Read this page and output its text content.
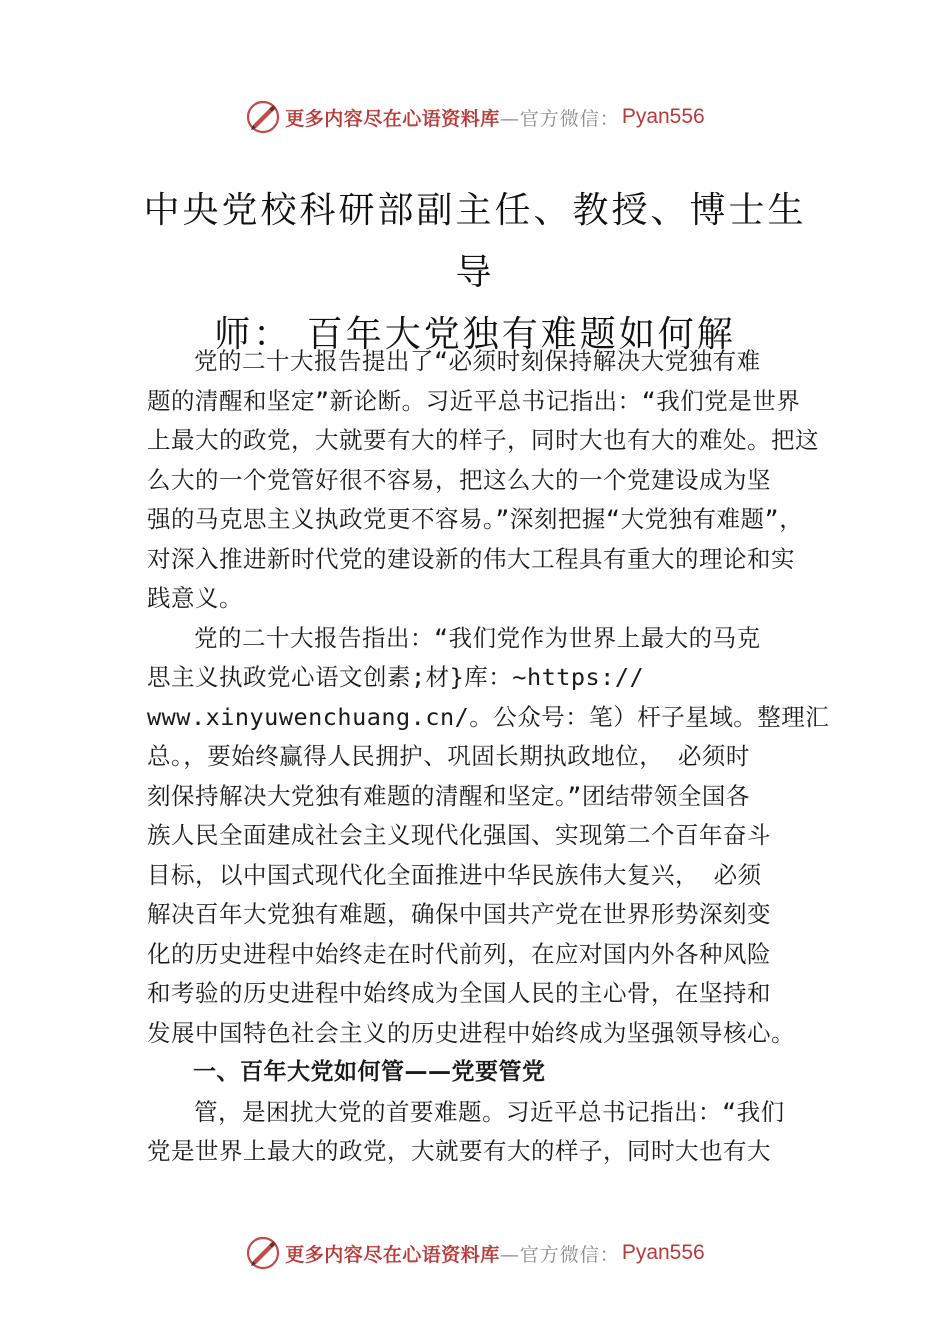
更多内容尽在心语资料库 —官方微信： Pyan556
中央党校科研部副主任、教授、博士生导
师： 百年大党独有难题如何解
党的二十大报告提出了“必须时刻保持解决大党独有难
题的清醒和坚定”新论断。习近平总书记指出：“我们党是世界
上最大的政党，大就要有大的样子，同时大也有大的难处。把这
么大的一个党管好很不容易，把这么大的一个党建设成为坚
强的马克思主义执政党更不容易。”深刻把握“大党独有难题”，
对深入推进新时代党的建设新的伟大工程具有重大的理论和实
践意义。
党的二十大报告指出：“我们党作为世界上最大的马克
思主义执政党心语文创素;材}库：~https://
www.xinyuwenchuang.cn/。公众号：笔）杆子星域。整理汇
总。，要始终赢得人民拥护、巩固长期执政地位， 必须时
刻保持解决大党独有难题的清醒和坚定。”团结带领全国各
族人民全面建成社会主义现代化强国、实现第二个百年奋斗
目标，以中国式现代化全面推进中华民族伟大复兴， 必须
解决百年大党独有难题，确保中国共产党在世界形势深刻变
化的历史进程中始终走在时代前列，在应对国内外各种风险
和考验的历史进程中始终成为全国人民的主心骨，在坚持和
发展中国特色社会主义的历史进程中始终成为坚强领导核心。
一、百年大党如何管——党要管党
管，是困扰大党的首要难题。习近平总书记指出：“我们
党是世界上最大的政党，大就要有大的样子，同时大也有大
更多内容尽在心语资料库 —官方微信： Pyan556
